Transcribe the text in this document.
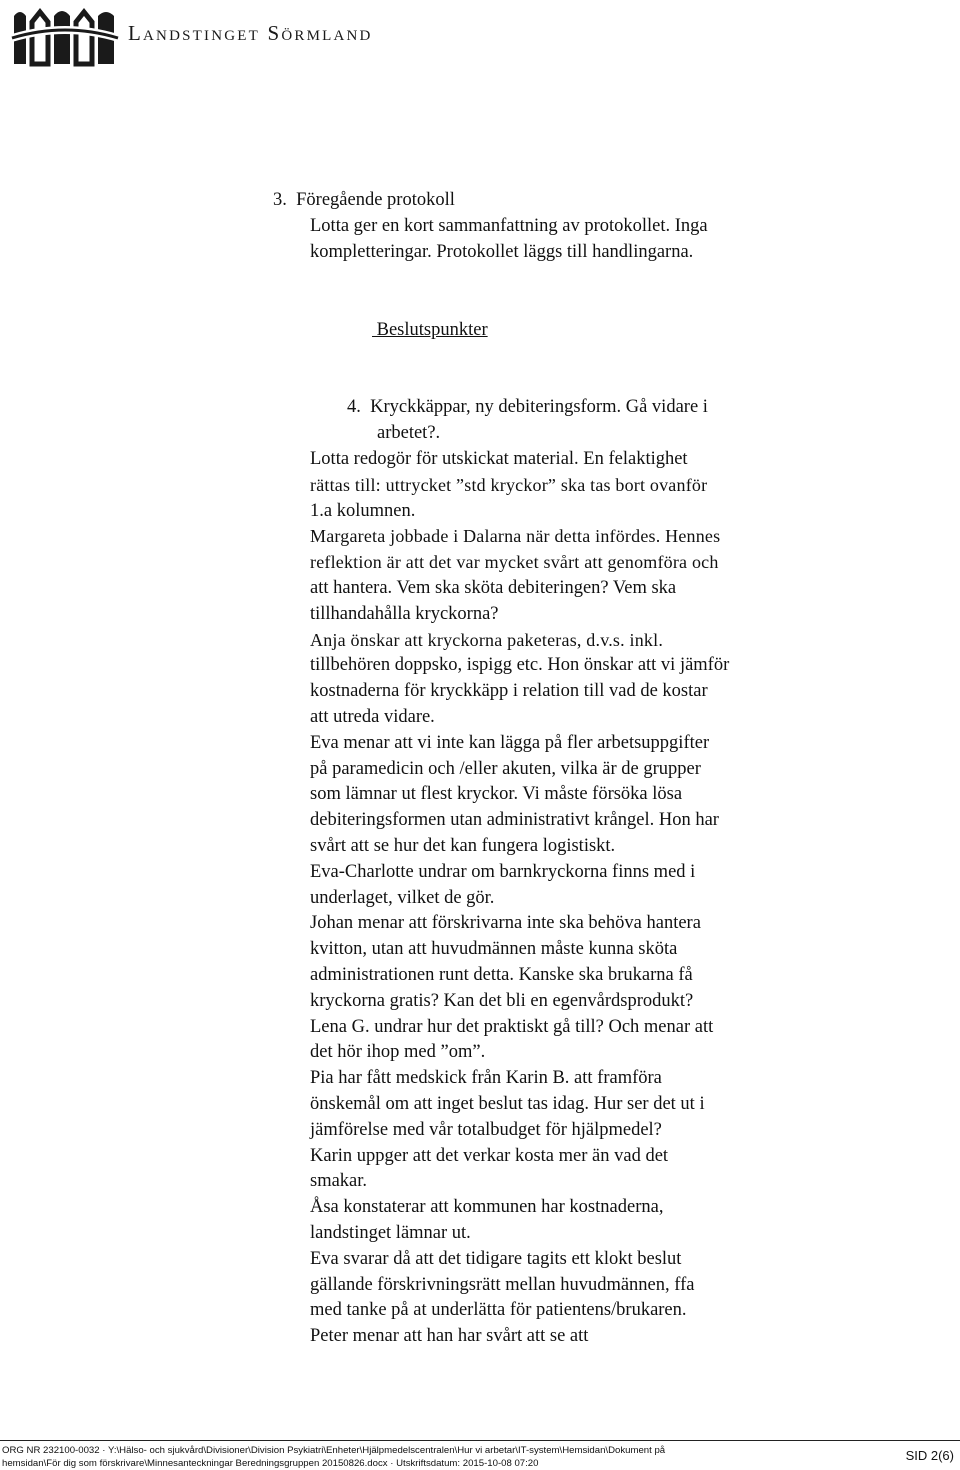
Landstinget Sörmland
3.  Föregående protokoll
Lotta ger en kort sammanfattning av protokollet. Inga
kompletteringar. Protokollet läggs till handlingarna.
Beslutspunkter
4.  Kryckkäppar, ny debiteringsform. Gå vidare i
arbetet?.
Lotta redogör för utskickat material. En felaktighet
rättas till: uttrycket ”std kryckor” ska tas bort ovanför
1.a kolumnen.
Margareta jobbade i Dalarna när detta infördes. Hennes
reflektion är att det var mycket svårt att genomföra och
att hantera. Vem ska sköta debiteringen? Vem ska
tillhandahålla kryckorna?
Anja önskar att kryckorna paketeras, d.v.s. inkl.
tillbehören doppsko, ispigg etc. Hon önskar att vi jämför
kostnaderna för kryckkäpp i relation till vad de kostar
att utreda vidare.
Eva menar att vi inte kan lägga på fler arbetsuppgifter
på paramedicin och /eller akuten, vilka är de grupper
som lämnar ut flest kryckor. Vi måste försöka lösa
debiteringsformen utan administrativt krångel. Hon har
svårt att se hur det kan fungera logistiskt.
Eva-Charlotte undrar om barnkryckorna finns med i
underlaget, vilket de gör.
Johan menar att förskrivarna inte ska behöva hantera
kvitton, utan att huvudmännen måste kunna sköta
administrationen runt detta. Kanske ska brukarna få
kryckorna gratis? Kan det bli en egenvårdsprodukt?
Lena G. undrar hur det praktiskt gå till? Och menar att
det hör ihop med ”om”.
Pia har fått medskick från Karin B. att framföra
önskemål om att inget beslut tas idag. Hur ser det ut i
jämförelse med vår totalbudget för hjälpmedel?
Karin uppger att det verkar kosta mer än vad det
smakar.
Åsa konstaterar att kommunen har kostnaderna,
landstinget lämnar ut.
Eva svarar då att det tidigare tagits ett klokt beslut
gällande förskrivningsrätt mellan huvudmännen, ffa
med tanke på at underlätta för patientens/brukaren.
Peter menar att han har svårt att se att
ORG NR 232100-0032 · Y:\Hälso- och sjukvård\Divisioner\Division Psykiatri\Enheter\Hjälpmedelscentralen\Hur vi arbetar\IT-system\Hemsidan\Dokument på
hemsidan\För dig som förskrivare\Minnesanteckningar Beredningsgruppen 20150826.docx · Utskriftsdatum: 2015-10-08 07:20
SID 2(6)
